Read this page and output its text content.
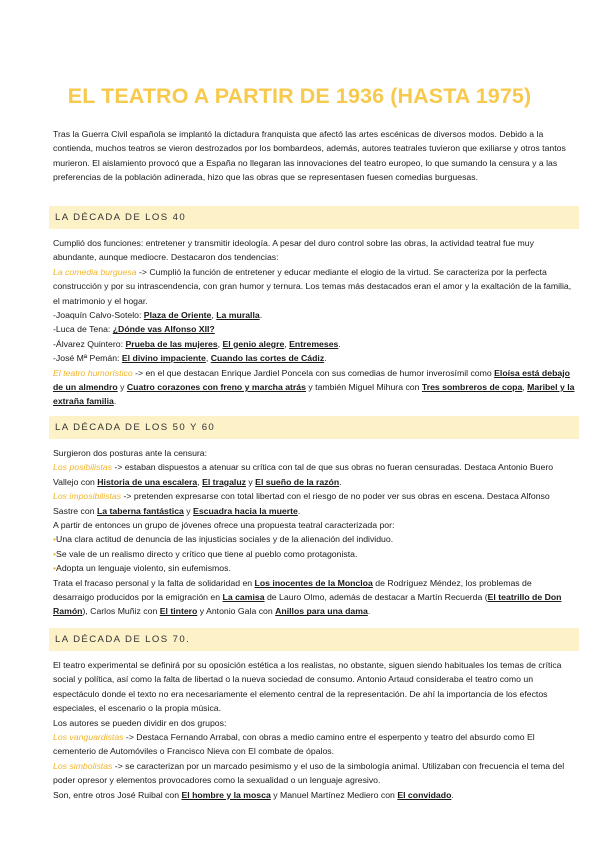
EL TEATRO A PARTIR DE 1936 (HASTA 1975)

Tras la Guerra Civil española se implantó la dictadura franquista que afectó las artes escénicas de diversos modos. Debido a la contienda, muchos teatros se vieron destrozados por los bombardeos, además, autores teatrales tuvieron que exiliarse y otros tantos murieron. El aislamiento provocó que a España no llegaran las innovaciones del teatro europeo, lo que sumando la censura y a las preferencias de la población adinerada, hizo que las obras que se representasen fuesen comedias burguesas.

LA DÉCADA DE LOS 40

Cumplió dos funciones: entretener y transmitir ideología. A pesar del duro control sobre las obras, la actividad teatral fue muy abundante, aunque mediocre. Destacaron dos tendencias:

La comedia burguesa -> Cumplió la función de entretener y educar mediante el elogio de la virtud. Se caracteriza por la perfecta construcción y por su intrascendencia, con gran humor y ternura. Los temas más destacados eran el amor y la exaltación de la familia, el matrimonio y el hogar.

-Joaquín Calvo-Sotelo: Plaza de Oriente, La muralla.

-Luca de Tena: ¿Dónde vas Alfonso XII?

-Álvarez Quintero: Prueba de las mujeres, El genio alegre, Entremeses.

-José Mª Pemán: El divino impaciente, Cuando las cortes de Cádiz.

El teatro humorístico -> en el que destacan Enrique Jardiel Poncela con sus comedias de humor inverosímil como Eloísa está debajo de un almendro y Cuatro corazones con freno y marcha atrás y también Miguel Mihura con Tres sombreros de copa, Maribel y la extraña familia.

LA DÉCADA DE LOS 50 Y 60

Surgieron dos posturas ante la censura:

Los posibilistas -> estaban dispuestos a atenuar su crítica con tal de que sus obras no fueran censuradas. Destaca Antonio Buero Vallejo con Historia de una escalera, El tragaluz y El sueño de la razón.

Los imposibilistas -> pretenden expresarse con total libertad con el riesgo de no poder ver sus obras en escena. Destaca Alfonso Sastre con La taberna fantástica y Escuadra hacia la muerte.

A partir de entonces un grupo de jóvenes ofrece una propuesta teatral caracterizada por:

•Una clara actitud de denuncia de las injusticias sociales y de la alienación del individuo.

•Se vale de un realismo directo y crítico que tiene al pueblo como protagonista.

•Adopta un lenguaje violento, sin eufemismos.

Trata el fracaso personal y la falta de solidaridad en Los inocentes de la Moncloa de Rodríguez Méndez, los problemas de desarraigo producidos por la emigración en La camisa de Lauro Olmo, además de destacar a Martín Recuerda (El teatrillo de Don Ramón), Carlos Muñiz con El tintero y Antonio Gala con Anillos para una dama.

LA DÉCADA DE LOS 70.

El teatro experimental se definirá por su oposición estética a los realistas, no obstante, siguen siendo habituales los temas de crítica social y política, así como la falta de libertad o la nueva sociedad de consumo. Antonio Artaud consideraba el teatro como un espectáculo donde el texto no era necesariamente el elemento central de la representación. De ahí la importancia de los efectos especiales, el escenario o la propia música.

Los autores se pueden dividir en dos grupos:

Los vanguardistas -> Destaca Fernando Arrabal, con obras a medio camino entre el esperpento y teatro del absurdo como El cementerio de Automóviles o Francisco Nieva con El combate de ópalos.

Los simbolistas -> se caracterizan por un marcado pesimismo y el uso de la simbología animal. Utilizaban con frecuencia el tema del poder opresor y elementos provocadores como la sexualidad o un lenguaje agresivo.

Son, entre otros José Ruibal con El hombre y la mosca y Manuel Martínez Mediero con El convidado.
